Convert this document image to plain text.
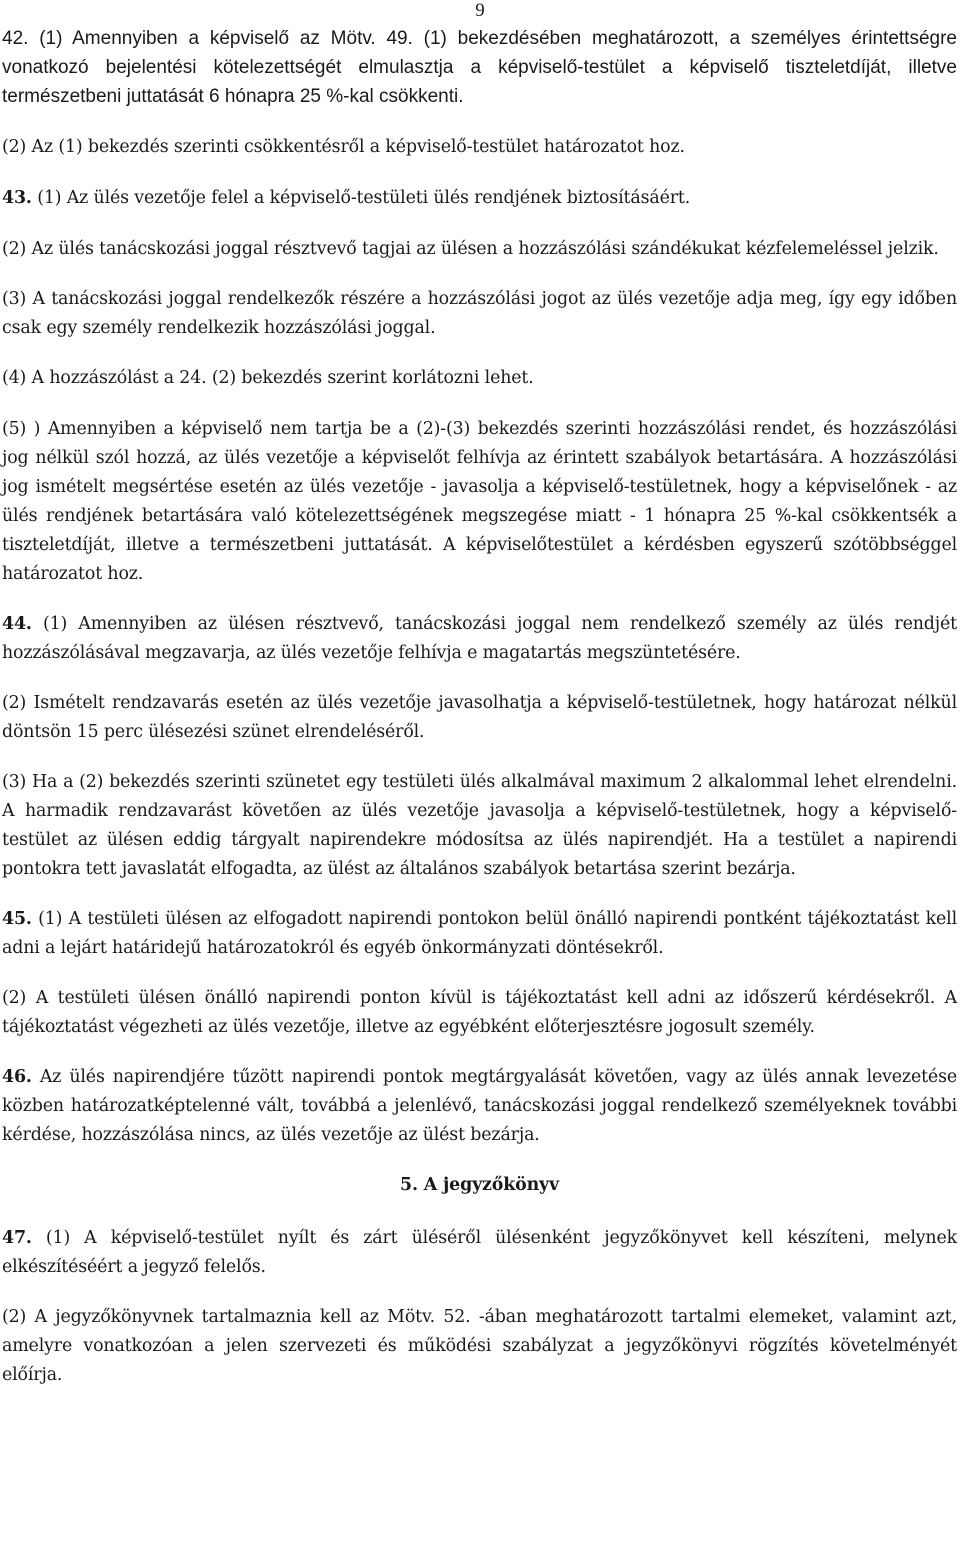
9

42. (1) Amennyiben a képviselő az Mötv. 49. (1) bekezdésében meghatározott, a személyes érintettségre vonatkozó bejelentési kötelezettségét elmulasztja a képviselő-testület a képviselő tiszteletdíját, illetve természetbeni juttatását 6 hónapra 25 %-kal csökkenti.

(2) Az (1) bekezdés szerinti csökkentésről a képviselő-testület határozatot hoz.

43. (1) Az ülés vezetője felel a képviselő-testületi ülés rendjének biztosításáért.

(2) Az ülés tanácskozási joggal résztvevő tagjai az ülésen a hozzászólási szándékukat kézfelemeléssel jelzik.

(3) A tanácskozási joggal rendelkezők részére a hozzászólási jogot az ülés vezetője adja meg, így egy időben csak egy személy rendelkezik hozzászólási joggal.

(4) A hozzászólást a 24. (2) bekezdés szerint korlátozni lehet.

(5) ) Amennyiben a képviselő nem tartja be a (2)-(3) bekezdés szerinti hozzászólási rendet, és hozzászólási jog nélkül szól hozzá, az ülés vezetője a képviselőt felhívja az érintett szabályok betartására. A hozzászólási jog ismételt megsértése esetén az ülés vezetője - javasolja a képviselő-testületnek, hogy a képviselőnek - az ülés rendjének betartására való kötelezettségének megszegése miatt - 1 hónapra 25 %-kal csökkentsék a tiszteletdíját, illetve a természetbeni juttatását. A képviselőtestület a kérdésben egyszerű szótöbbséggel határozatot hoz.

44. (1) Amennyiben az ülésen résztvevő, tanácskozási joggal nem rendelkező személy az ülés rendjét hozzászólásával megzavarja, az ülés vezetője felhívja e magatartás megszüntetésére.

(2) Ismételt rendzavarás esetén az ülés vezetője javasolhatja a képviselő-testületnek, hogy határozat nélkül döntsön 15 perc ülésezési szünet elrendeléséről.

(3) Ha a (2) bekezdés szerinti szünetet egy testületi ülés alkalmával maximum 2 alkalommal lehet elrendelni. A harmadik rendzavarást követően az ülés vezetője javasolja a képviselő-testületnek, hogy a képviselő-testület az ülésen eddig tárgyalt napirendekre módosítsa az ülés napirendjét. Ha a testület a napirendi pontokra tett javaslatát elfogadta, az ülést az általános szabályok betartása szerint bezárja.

45. (1) A testületi ülésen az elfogadott napirendi pontokon belül önálló napirendi pontként tájékoztatást kell adni a lejárt határidejű határozatokról és egyéb önkormányzati döntésekről.

(2) A testületi ülésen önálló napirendi ponton kívül is tájékoztatást kell adni az időszerű kérdésekről. A tájékoztatást végezheti az ülés vezetője, illetve az egyébként előterjesztésre jogosult személy.

46. Az ülés napirendjére tűzött napirendi pontok megtárgyalását követően, vagy az ülés annak levezetése közben határozatképtelenné vált, továbbá a jelenlévő, tanácskozási joggal rendelkező személyeknek további kérdése, hozzászólása nincs, az ülés vezetője az ülést bezárja.

5. A jegyzőkönyv

47. (1) A képviselő-testület nyílt és zárt üléséről ülésenként jegyzőkönyvet kell készíteni, melynek elkészítéséért a jegyző felelős.

(2) A jegyzőkönyvnek tartalmaznia kell az Mötv. 52. -ában meghatározott tartalmi elemeket, valamint azt, amelyre vonatkozóan a jelen szervezeti és működési szabályzat a jegyzőkönyvi rögzítés követelményét előírja.
